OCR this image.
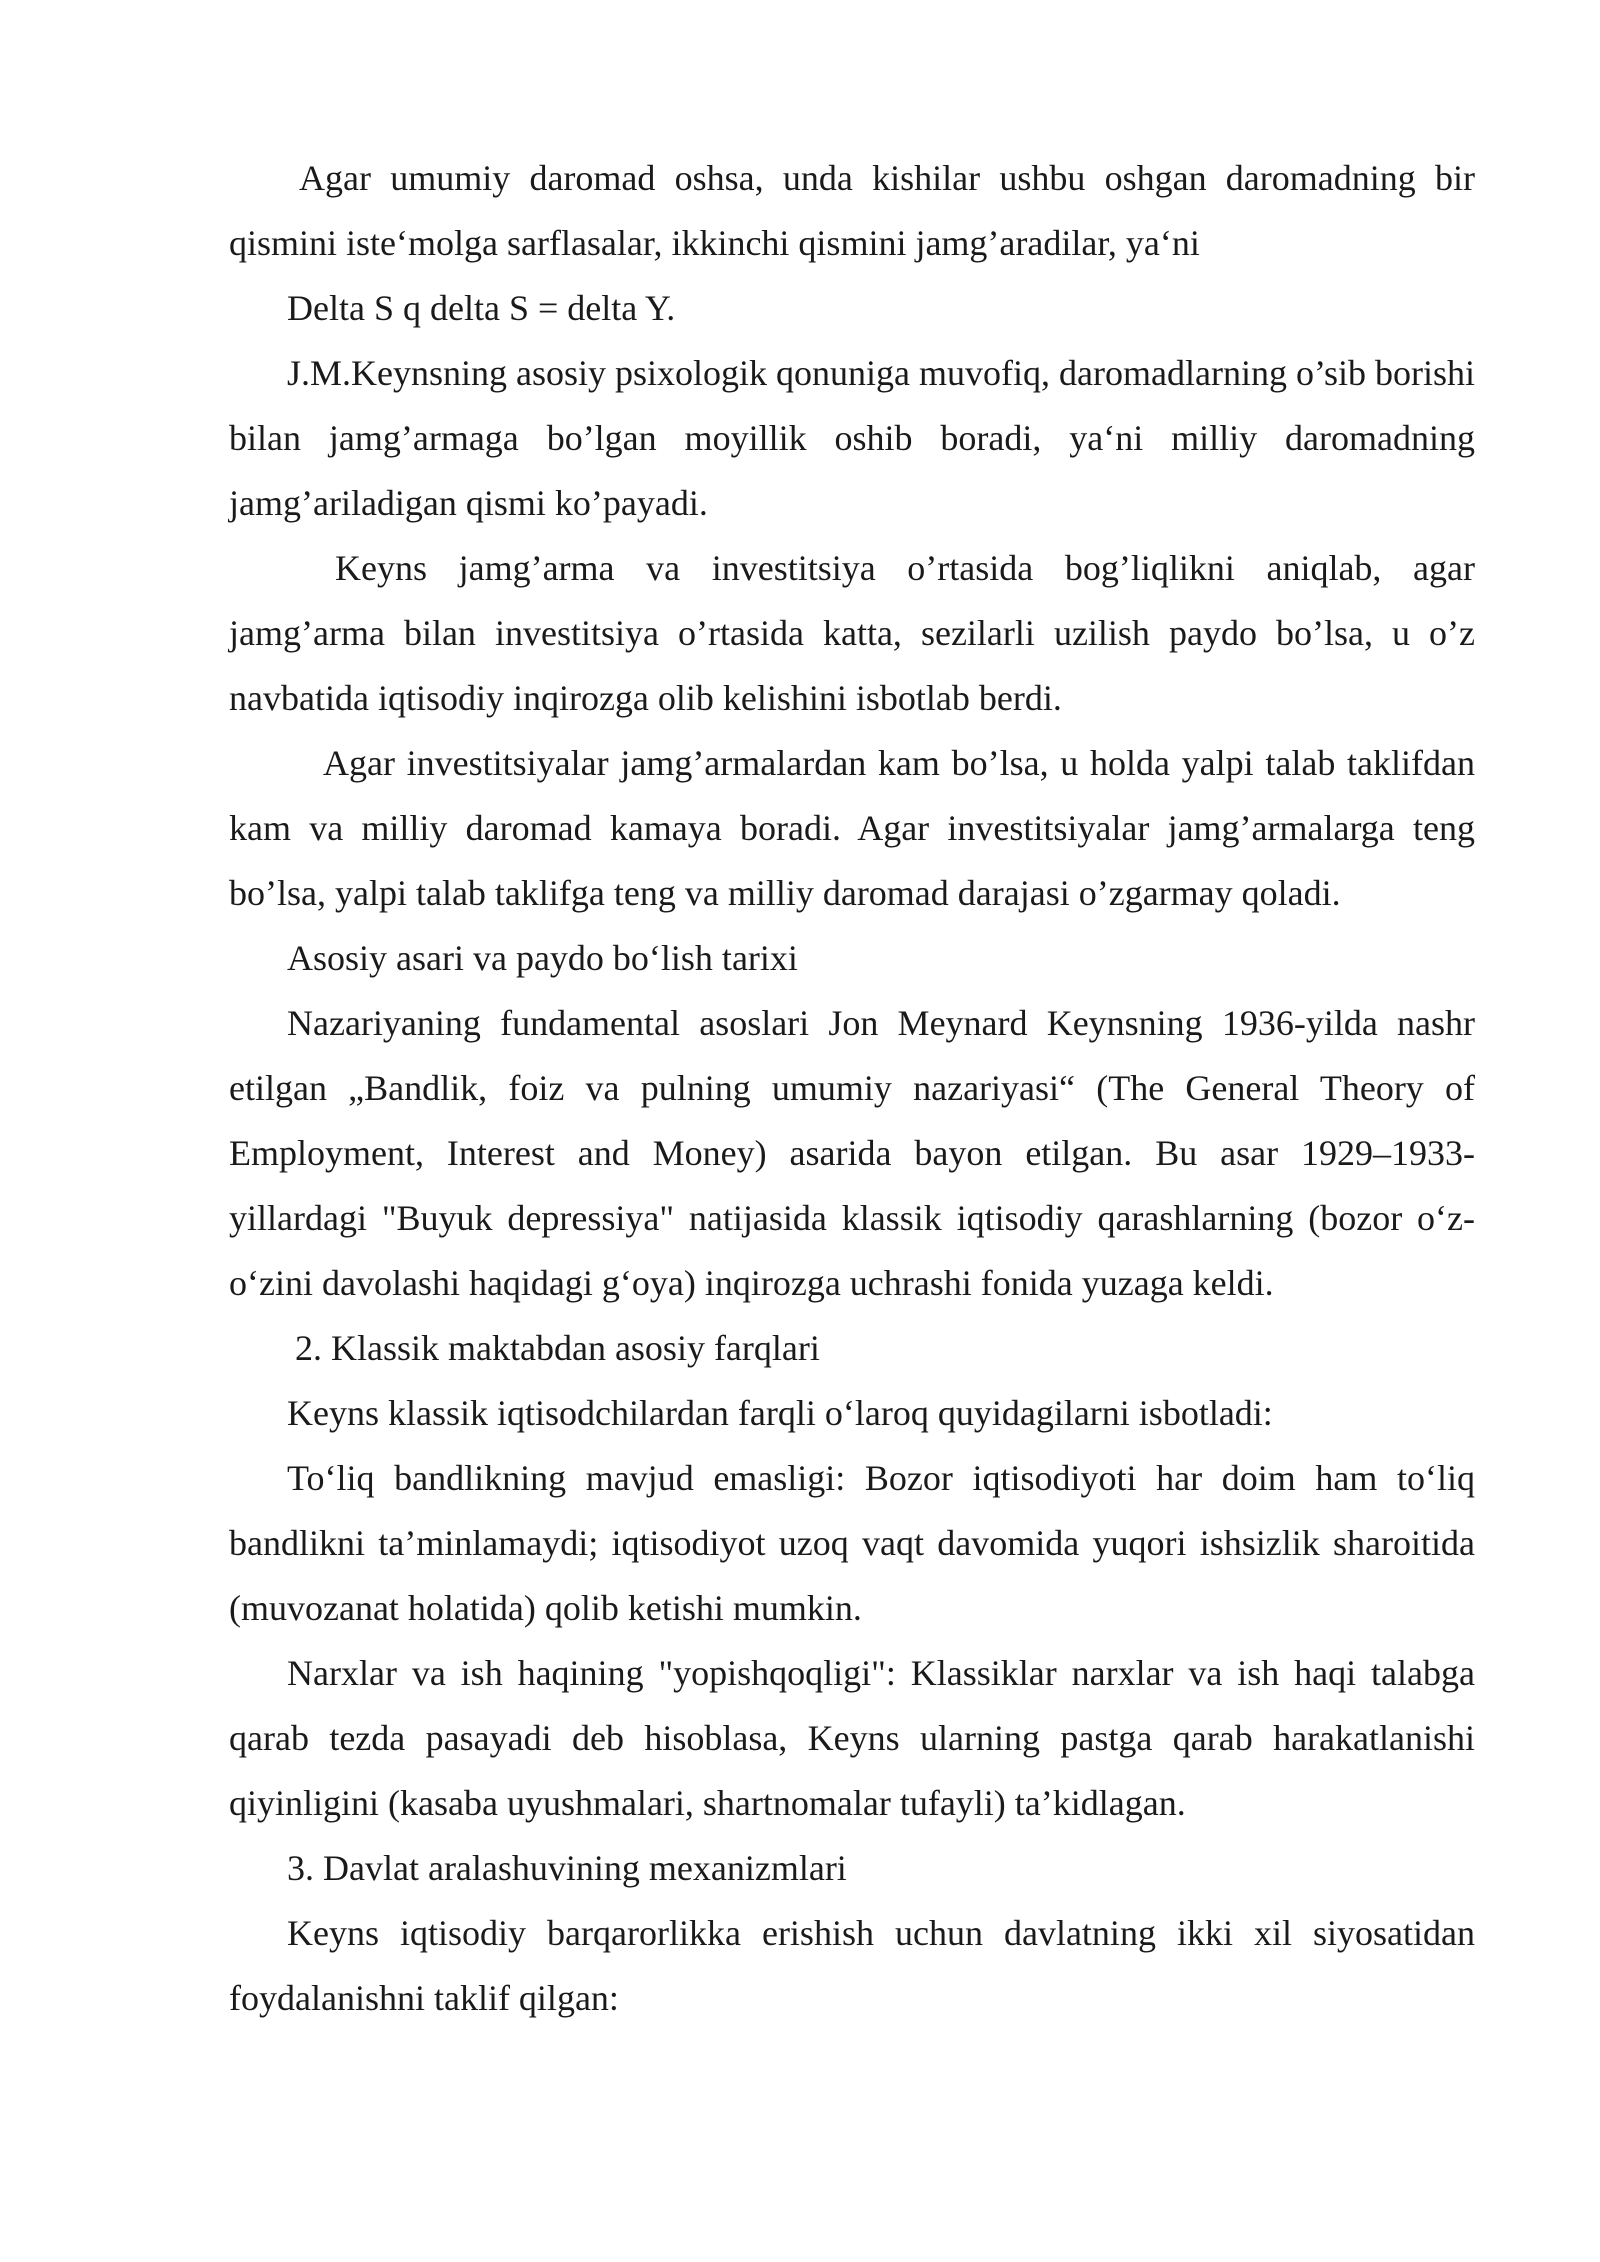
Agar umumiy daromad oshsa, unda kishilar ushbu oshgan daromadning bir qismini iste‘molga sarflasalar, ikkinchi qismini jamg’aradilar, ya‘ni

Delta S q delta S = delta Y.

J.M.Keynsning asosiy psixologik qonuniga muvofiq, daromadlarning o’sib borishi bilan jamg’armaga bo’lgan moyillik oshib boradi, ya‘ni milliy daromadning jamg’ariladigan qismi ko’payadi.

Keyns jamg’arma va investitsiya o’rtasida bog’liqlikni aniqlab, agar jamg’arma bilan investitsiya o’rtasida katta, sezilarli uzilish paydo bo’lsa, u o’z navbatida iqtisodiy inqirozga olib kelishini isbotlab berdi.

Agar investitsiyalar jamg’armalardan kam bo’lsa, u holda yalpi talab taklifdan kam va milliy daromad kamaya boradi. Agar investitsiyalar jamg’armalarga teng bo’lsa, yalpi talab taklifga teng va milliy daromad darajasi o’zgarmay qoladi.

Asosiy asari va paydo bo‘lish tarixi

Nazariyaning fundamental asoslari Jon Meynard Keynsning 1936-yilda nashr etilgan „Bandlik, foiz va pulning umumiy nazariyasi“ (The General Theory of Employment, Interest and Money) asarida bayon etilgan. Bu asar 1929–1933-yillardagi "Buyuk depressiya" natijasida klassik iqtisodiy qarashlarning (bozor o‘z-o‘zini davolashi haqidagi g‘oya) inqirozga uchrashi fonida yuzaga keldi.

2. Klassik maktabdan asosiy farqlari

Keyns klassik iqtisodchilardan farqli o‘laroq quyidagilarni isbotladi:

To‘liq bandlikning mavjud emasligi: Bozor iqtisodiyoti har doim ham to‘liq bandlikni ta’minlamaydi; iqtisodiyot uzoq vaqt davomida yuqori ishsizlik sharoitida (muvozanat holatida) qolib ketishi mumkin.

Narxlar va ish haqining "yopishqoqligi": Klassiklar narxlar va ish haqi talabga qarab tezda pasayadi deb hisoblasa, Keyns ularning pastga qarab harakatlanishi qiyinligini (kasaba uyushmalari, shartnomalar tufayli) ta’kidlagan.

3. Davlat aralashuvining mexanizmlari

Keyns iqtisodiy barqarorlikka erishish uchun davlatning ikki xil siyosatidan foydalanishni taklif qilgan:
